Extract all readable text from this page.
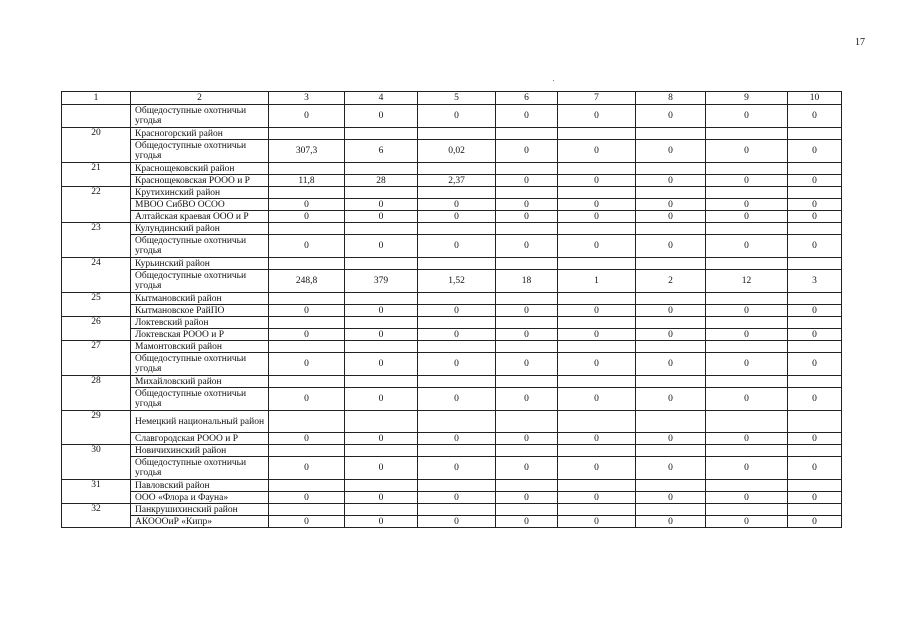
17
1	2	3	4	5	6	7	8	9	10
	Общедоступные охотничьи угодья	0	0	0	0	0	0	0	0
20	Красногорский район								
	Общедоступные охотничьи угодья	307,3	6	0,02	0	0	0	0	0
21	Краснощековский район								
	Краснощековская РООО и Р	11,8	28	2,37	0	0	0	0	0
22	Крутихинский район								
	МВОО СибВО ОСОО	0	0	0	0	0	0	0	0
	Алтайская краевая ООО и Р	0	0	0	0	0	0	0	0
23	Кулундинский район								
	Общедоступные охотничьи угодья	0	0	0	0	0	0	0	0
24	Курьинский район								
	Общедоступные охотничьи угодья	248,8	379	1,52	18	1	2	12	3
25	Кытмановский район								
	Кытмановское РайПО	0	0	0	0	0	0	0	0
26	Локтевский район								
	Локтевская РООО и Р	0	0	0	0	0	0	0	0
27	Мамонтовский район								
	Общедоступные охотничьи угодья	0	0	0	0	0	0	0	0
28	Михайловский район								
	Общедоступные охотничьи угодья	0	0	0	0	0	0	0	0
29	Немецкий национальный район								
	Славгородская РООО и Р	0	0	0	0	0	0	0	0
30	Новичихинский район								
	Общедоступные охотничьи угодья	0	0	0	0	0	0	0	0
31	Павловский район								
	ООО «Флора и Фауна»	0	0	0	0	0	0	0	0
32	Панкрушихинский район								
	АКОООиР «Кипр»	0	0	0	0	0	0	0	0
